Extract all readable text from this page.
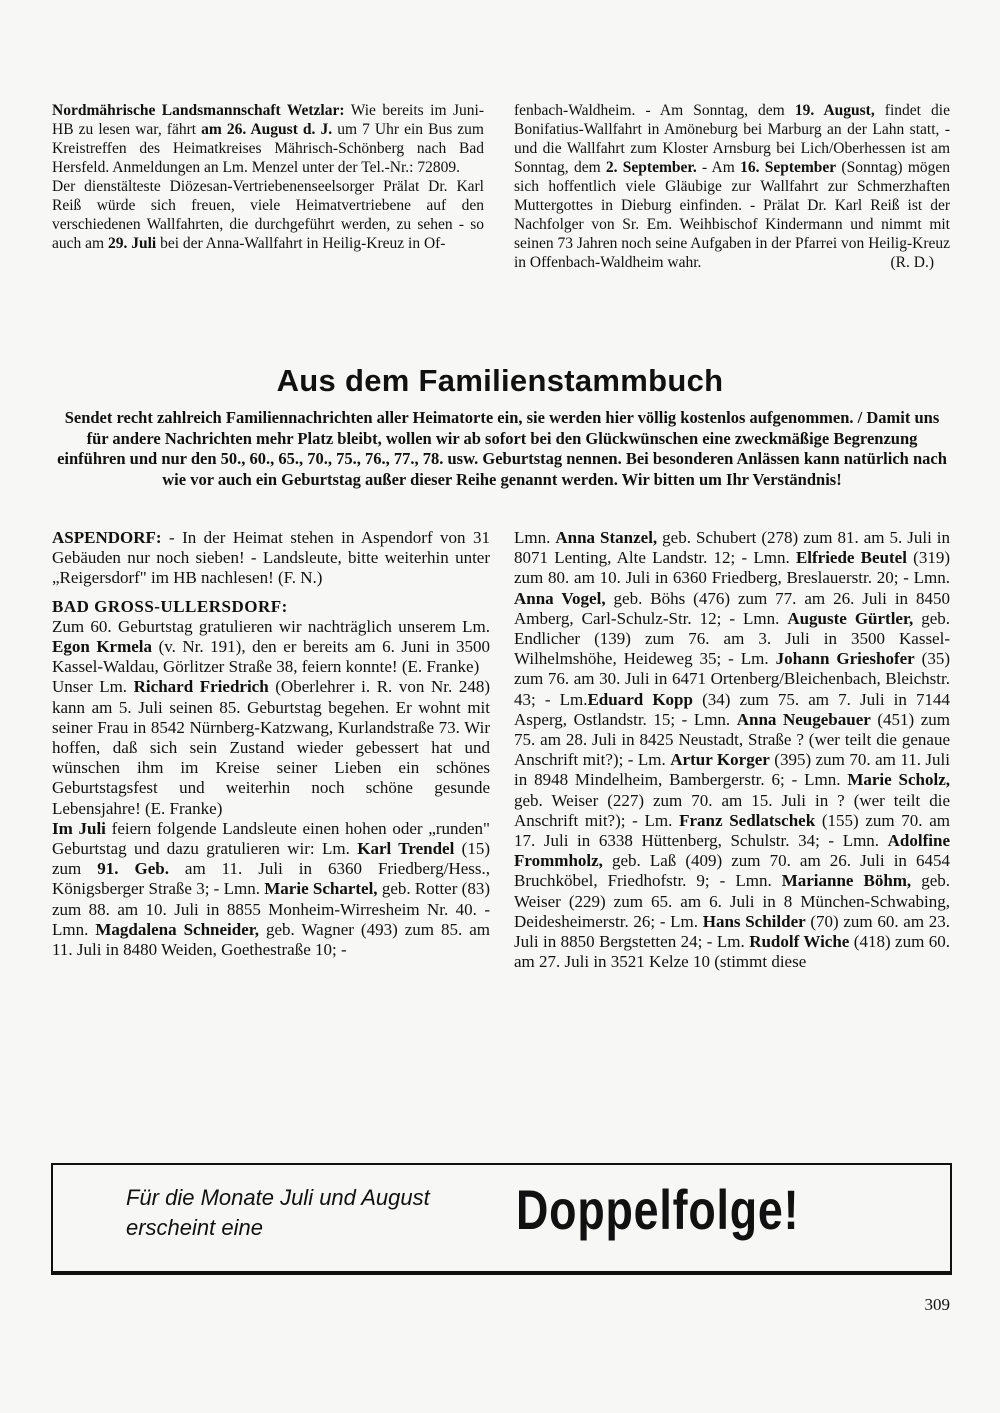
Nordmährische Landsmannschaft Wetzlar: Wie bereits im Juni-HB zu lesen war, fährt am 26. August d. J. um 7 Uhr ein Bus zum Kreistreffen des Heimatkreises Mährisch-Schönberg nach Bad Hersfeld. Anmeldungen an Lm. Menzel unter der Tel.-Nr.: 72809.

Der dienstälteste Diözesan-Vertriebenenseelsorger Prälat Dr. Karl Reiß würde sich freuen, viele Heimatvertriebene auf den verschiedenen Wallfahrten, die durchgeführt werden, zu sehen - so auch am 29. Juli bei der Anna-Wallfahrt in Heilig-Kreuz in Of-

fenbach-Waldheim. - Am Sonntag, dem 19. August, findet die Bonifatius-Wallfahrt in Amöneburg bei Marburg an der Lahn statt, - und die Wallfahrt zum Kloster Arnsburg bei Lich/Oberhessen ist am Sonntag, dem 2. September. - Am 16. September (Sonntag) mögen sich hoffentlich viele Gläubige zur Wallfahrt zur Schmerzhaften Muttergottes in Dieburg einfinden. - Prälat Dr. Karl Reiß ist der Nachfolger von Sr. Em. Weihbischof Kindermann und nimmt mit seinen 73 Jahren noch seine Aufgaben in der Pfarrei von Heilig-Kreuz in Offenbach-Waldheim wahr.	(R. D.)
Aus dem Familienstammbuch
Sendet recht zahlreich Familiennachrichten aller Heimatorte ein, sie werden hier völlig kostenlos aufgenommen. / Damit uns für andere Nachrichten mehr Platz bleibt, wollen wir ab sofort bei den Glückwünschen eine zweckmäßige Begrenzung einführen und nur den 50., 60., 65., 70., 75., 76., 77., 78. usw. Geburtstag nennen. Bei besonderen Anlässen kann natürlich nach wie vor auch ein Geburtstag außer dieser Reihe genannt werden. Wir bitten um Ihr Verständnis!

ASPENDORF: - In der Heimat stehen in Aspendorf von 31 Gebäuden nur noch sieben! - Landsleute, bitte weiterhin unter „Reigersdorf" im HB nachlesen! (F. N.)

BAD GROSS-ULLERSDORF:

Zum 60. Geburtstag gratulieren wir nachträglich unserem Lm. Egon Krmela (v. Nr. 191), den er bereits am 6. Juni in 3500 Kassel-Waldau, Görlitzer Straße 38, feiern konnte! (E. Franke)

Unser Lm. Richard Friedrich (Oberlehrer i. R. von Nr. 248) kann am 5. Juli seinen 85. Geburtstag begehen. Er wohnt mit seiner Frau in 8542 Nürnberg-Katzwang, Kurlandstraße 73. Wir hoffen, daß sich sein Zustand wieder gebessert hat und wünschen ihm im Kreise seiner Lieben ein schönes Geburtstagsfest und weiterhin noch schöne gesunde Lebensjahre! (E. Franke)

Im Juli feiern folgende Landsleute einen hohen oder „runden" Geburtstag und dazu gratulieren wir: Lm. Karl Trendel (15) zum 91. Geb. am 11. Juli in 6360 Friedberg/Hess., Königsberger Straße 3; - Lmn. Marie Schartel, geb. Rotter (83) zum 88. am 10. Juli in 8855 Monheim-Wirresheim Nr. 40. - Lmn. Magdalena Schneider, geb. Wagner (493) zum 85. am 11. Juli in 8480 Weiden, Goethestraße 10; -

Lmn. Anna Stanzel, geb. Schubert (278) zum 81. am 5. Juli in 8071 Lenting, Alte Landstr. 12; - Lmn. Elfriede Beutel (319) zum 80. am 10. Juli in 6360 Friedberg, Breslauerstr. 20; - Lmn. Anna Vogel, geb. Böhs (476) zum 77. am 26. Juli in 8450 Amberg, Carl-Schulz-Str. 12; - Lmn. Auguste Gürtler, geb. Endlicher (139) zum 76. am 3. Juli in 3500 Kassel-Wilhelmshöhe, Heideweg 35; - Lm. Johann Grieshofer (35) zum 76. am 30. Juli in 6471 Ortenberg/Bleichenbach, Bleichstr. 43; - Lm.Eduard Kopp (34) zum 75. am 7. Juli in 7144 Asperg, Ostlandstr. 15; - Lmn. Anna Neugebauer (451) zum 75. am 28. Juli in 8425 Neustadt, Straße ? (wer teilt die genaue Anschrift mit?); - Lm. Artur Korger (395) zum 70. am 11. Juli in 8948 Mindelheim, Bambergerstr. 6; - Lmn. Marie Scholz, geb. Weiser (227) zum 70. am 15. Juli in ? (wer teilt die Anschrift mit?); - Lm. Franz Sedlatschek (155) zum 70. am 17. Juli in 6338 Hüttenberg, Schulstr. 34; - Lmn. Adolfine Frommholz, geb. Laß (409) zum 70. am 26. Juli in 6454 Bruchköbel, Friedhofstr. 9; - Lmn. Marianne Böhm, geb. Weiser (229) zum 65. am 6. Juli in 8 München-Schwabing, Deidesheimerstr. 26; - Lm. Hans Schilder (70) zum 60. am 23. Juli in 8850 Bergstetten 24; - Lm. Rudolf Wiche (418) zum 60. am 27. Juli in 3521 Kelze 10 (stimmt diese

Für die Monate Juli und August
erscheint eine	Doppelfolge!
309
